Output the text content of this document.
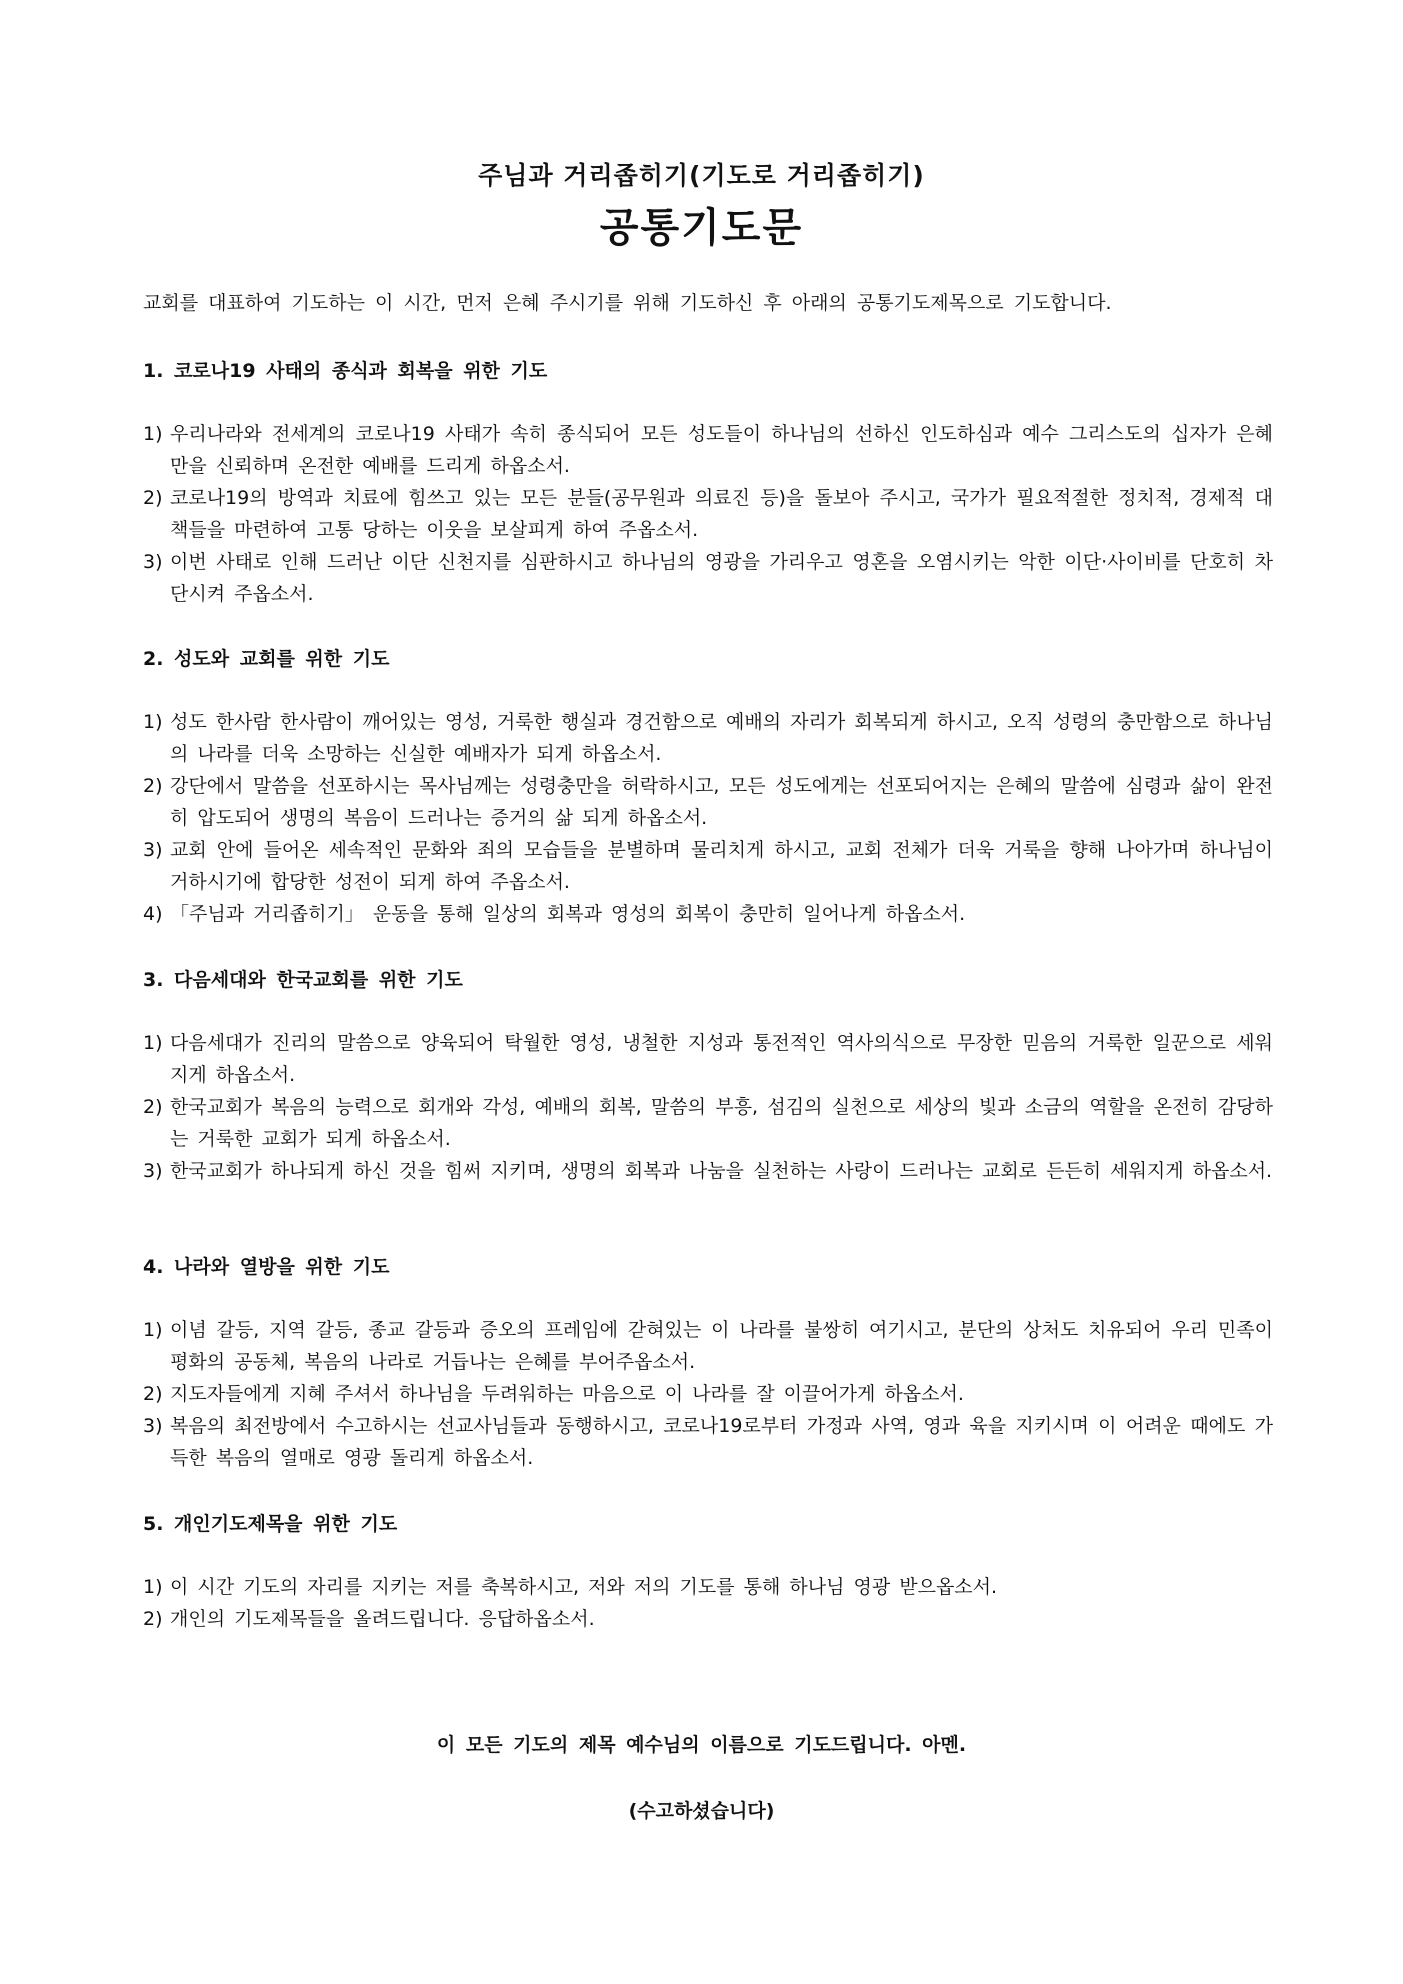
주님과 거리좁히기(기도로 거리좁히기)
공통기도문
교회를 대표하여 기도하는 이 시간, 먼저 은혜 주시기를 위해 기도하신 후 아래의 공통기도제목으로 기도합니다.
1. 코로나19 사태의 종식과 회복을 위한 기도
1) 우리나라와 전세계의 코로나19 사태가 속히 종식되어 모든 성도들이 하나님의 선하신 인도하심과 예수 그리스도의 십자가 은혜만을 신뢰하며 온전한 예배를 드리게 하옵소서.
2) 코로나19의 방역과 치료에 힘쓰고 있는 모든 분들(공무원과 의료진 등)을 돌보아 주시고, 국가가 필요적절한 정치적, 경제적 대책들을 마련하여 고통 당하는 이웃을 보살피게 하여 주옵소서.
3) 이번 사태로 인해 드러난 이단 신천지를 심판하시고 하나님의 영광을 가리우고 영혼을 오염시키는 악한 이단·사이비를 단호히 차단시켜 주옵소서.
2. 성도와 교회를 위한 기도
1) 성도 한사람 한사람이 깨어있는 영성, 거룩한 행실과 경건함으로 예배의 자리가 회복되게 하시고, 오직 성령의 충만함으로 하나님의 나라를 더욱 소망하는 신실한 예배자가 되게 하옵소서.
2) 강단에서 말씀을 선포하시는 목사님께는 성령충만을 허락하시고, 모든 성도에게는 선포되어지는 은혜의 말씀에 심령과 삶이 완전히 압도되어 생명의 복음이 드러나는 증거의 삶 되게 하옵소서.
3) 교회 안에 들어온 세속적인 문화와 죄의 모습들을 분별하며 물리치게 하시고, 교회 전체가 더욱 거룩을 향해 나아가며 하나님이 거하시기에 합당한 성전이 되게 하여 주옵소서.
4) 「주님과 거리좁히기」 운동을 통해 일상의 회복과 영성의 회복이 충만히 일어나게 하옵소서.
3. 다음세대와 한국교회를 위한 기도
1) 다음세대가 진리의 말씀으로 양육되어 탁월한 영성, 냉철한 지성과 통전적인 역사의식으로 무장한 믿음의 거룩한 일꾼으로 세워지게 하옵소서.
2) 한국교회가 복음의 능력으로 회개와 각성, 예배의 회복, 말씀의 부흥, 섬김의 실천으로 세상의 빛과 소금의 역할을 온전히 감당하는 거룩한 교회가 되게 하옵소서.
3) 한국교회가 하나되게 하신 것을 힘써 지키며, 생명의 회복과 나눔을 실천하는 사랑이 드러나는 교회로 든든히 세워지게 하옵소서.
4. 나라와 열방을 위한 기도
1) 이념 갈등, 지역 갈등, 종교 갈등과 증오의 프레임에 갇혀있는 이 나라를 불쌍히 여기시고, 분단의 상처도 치유되어 우리 민족이 평화의 공동체, 복음의 나라로 거듭나는 은혜를 부어주옵소서.
2) 지도자들에게 지혜 주셔서 하나님을 두려워하는 마음으로 이 나라를 잘 이끌어가게 하옵소서.
3) 복음의 최전방에서 수고하시는 선교사님들과 동행하시고, 코로나19로부터 가정과 사역, 영과 육을 지키시며 이 어려운 때에도 가득한 복음의 열매로 영광 돌리게 하옵소서.
5. 개인기도제목을 위한 기도
1) 이 시간 기도의 자리를 지키는 저를 축복하시고, 저와 저의 기도를 통해 하나님 영광 받으옵소서.
2) 개인의 기도제목들을 올려드립니다. 응답하옵소서.
이 모든 기도의 제목 예수님의 이름으로 기도드립니다. 아멘.
(수고하셨습니다)
